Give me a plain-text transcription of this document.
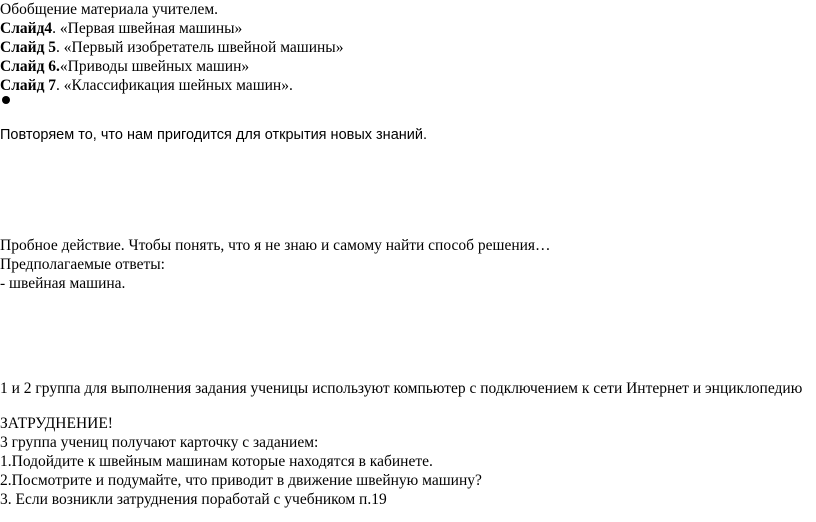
Обобщение материала учителем.
Слайд4. «Первая швейная машины»
Слайд 5. «Первый изобретатель швейной машины»
Слайд 6.«Приводы швейных машин»
Слайд 7. «Классификация шейных машин».
Повторяем то, что нам пригодится для открытия новых знаний.
Пробное действие. Чтобы понять, что я не знаю и самому найти способ решения…
Предполагаемые ответы:
- швейная машина.
1 и 2 группа для выполнения задания ученицы используют компьютер с подключением к сети Интернет и энциклопедию
ЗАТРУДНЕНИЕ!
3 группа учениц получают карточку с заданием:
1.Подойдите к швейным машинам которые находятся в кабинете.
2.Посмотрите и подумайте, что приводит в движение швейную машину?
3. Если возникли затруднения поработай с учебником п.19
